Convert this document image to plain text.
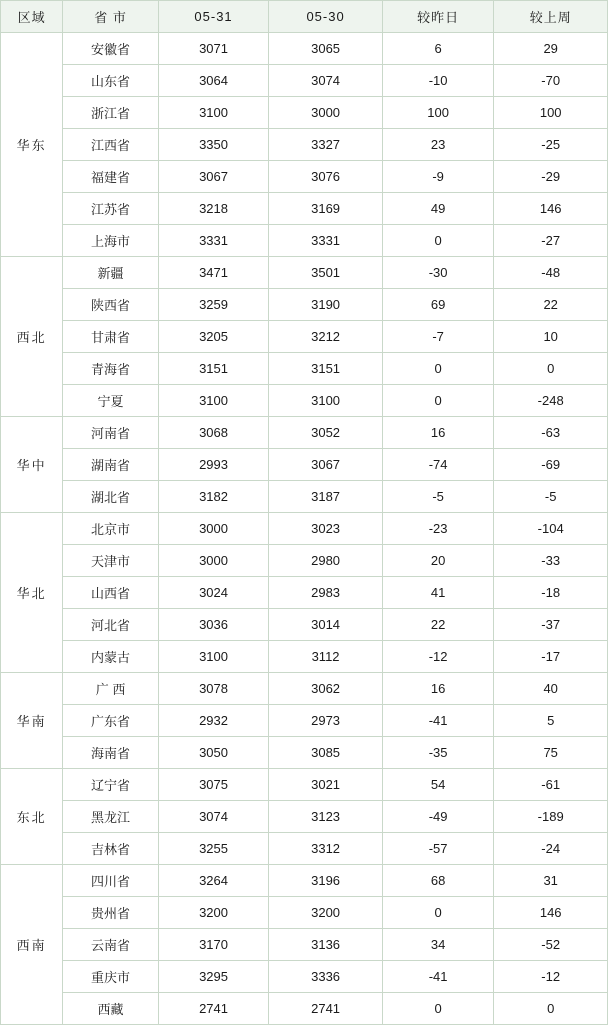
区域	省 市	05-31	05-30	较昨日	较上周
华东	安徽省	3071	3065	6	29
	山东省	3064	3074	-10	-70
	浙江省	3100	3000	100	100
	江西省	3350	3327	23	-25
	福建省	3067	3076	-9	-29
	江苏省	3218	3169	49	146
	上海市	3331	3331	0	-27
西北	新疆	3471	3501	-30	-48
	陕西省	3259	3190	69	22
	甘肃省	3205	3212	-7	10
	青海省	3151	3151	0	0
	宁夏	3100	3100	0	-248
华中	河南省	3068	3052	16	-63
	湖南省	2993	3067	-74	-69
	湖北省	3182	3187	-5	-5
华北	北京市	3000	3023	-23	-104
	天津市	3000	2980	20	-33
	山西省	3024	2983	41	-18
	河北省	3036	3014	22	-37
	内蒙古	3100	3112	-12	-17
华南	广 西	3078	3062	16	40
	广东省	2932	2973	-41	5
	海南省	3050	3085	-35	75
东北	辽宁省	3075	3021	54	-61
	黑龙江	3074	3123	-49	-189
	吉林省	3255	3312	-57	-24
西南	四川省	3264	3196	68	31
	贵州省	3200	3200	0	146
	云南省	3170	3136	34	-52
	重庆市	3295	3336	-41	-12
	西藏	2741	2741	0	0
